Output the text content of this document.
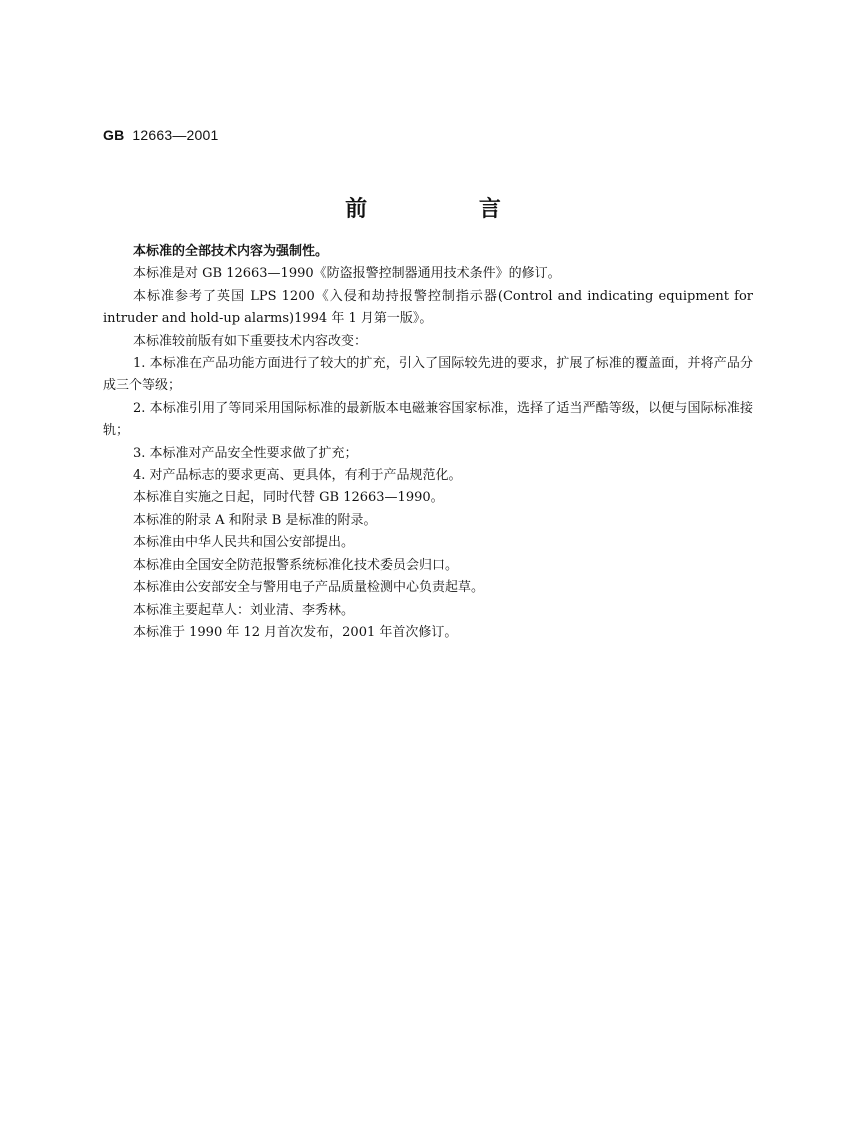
GB 12663—2001
前 言

本标准的全部技术内容为强制性。

本标准是对 GB 12663—1990《防盗报警控制器通用技术条件》的修订。

本标准参考了英国 LPS 1200《入侵和劫持报警控制指示器(Control and indicating equipment for intruder and hold-up alarms)1994 年 1 月第一版》。

本标准较前版有如下重要技术内容改变：

1. 本标准在产品功能方面进行了较大的扩充，引入了国际较先进的要求，扩展了标准的覆盖面，并将产品分成三个等级；

2. 本标准引用了等同采用国际标准的最新版本电磁兼容国家标准，选择了适当严酷等级，以便与国际标准接轨；

3. 本标准对产品安全性要求做了扩充；

4. 对产品标志的要求更高、更具体，有利于产品规范化。

本标准自实施之日起，同时代替 GB 12663—1990。

本标准的附录 A 和附录 B 是标准的附录。

本标准由中华人民共和国公安部提出。

本标准由全国安全防范报警系统标准化技术委员会归口。

本标准由公安部安全与警用电子产品质量检测中心负责起草。

本标准主要起草人：刘业清、李秀林。

本标准于 1990 年 12 月首次发布，2001 年首次修订。
